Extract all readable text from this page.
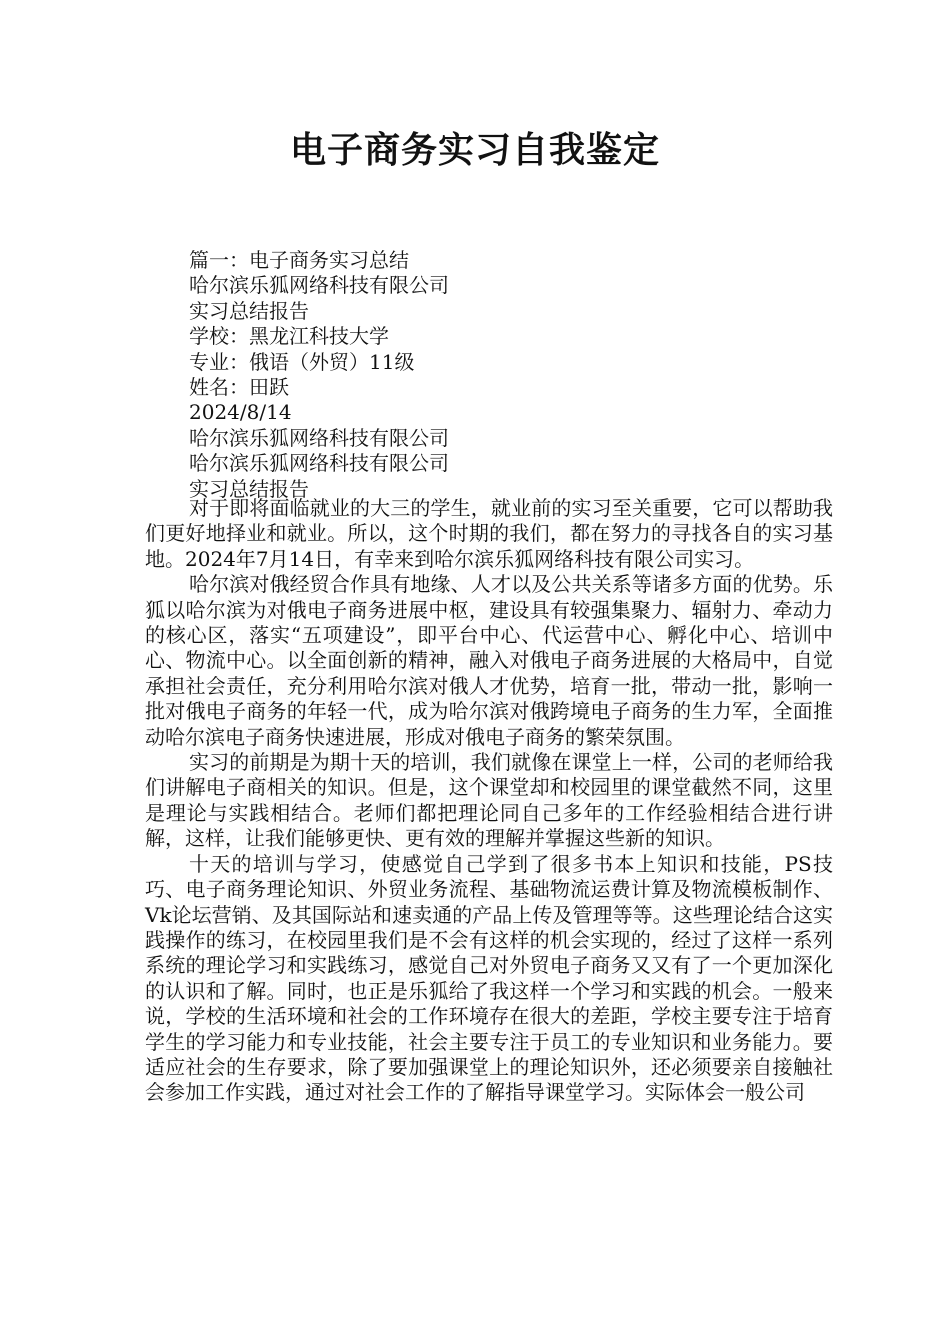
电子商务实习自我鉴定
篇一：电子商务实习总结
哈尔滨乐狐网络科技有限公司
实习总结报告
学校：黑龙江科技大学
专业：俄语（外贸）11级
姓名：田跃
2024/8/14
哈尔滨乐狐网络科技有限公司
哈尔滨乐狐网络科技有限公司
实习总结报告

对于即将面临就业的大三的学生，就业前的实习至关重要，它可以帮助我们更好地择业和就业。所以，这个时期的我们，都在努力的寻找各自的实习基地。2024年7月14日，有幸来到哈尔滨乐狐网络科技有限公司实习。

哈尔滨对俄经贸合作具有地缘、人才以及公共关系等诸多方面的优势。乐狐以哈尔滨为对俄电子商务进展中枢，建设具有较强集聚力、辐射力、牵动力的核心区，落实“五项建设”，即平台中心、代运营中心、孵化中心、培训中心、物流中心。以全面创新的精神，融入对俄电子商务进展的大格局中，自觉承担社会责任，充分利用哈尔滨对俄人才优势，培育一批，带动一批，影响一批对俄电子商务的年轻一代，成为哈尔滨对俄跨境电子商务的生力军，全面推动哈尔滨电子商务快速进展，形成对俄电子商务的繁荣氛围。

实习的前期是为期十天的培训，我们就像在课堂上一样，公司的老师给我们讲解电子商相关的知识。但是，这个课堂却和校园里的课堂截然不同，这里是理论与实践相结合。老师们都把理论同自己多年的工作经验相结合进行讲解，这样，让我们能够更快、更有效的理解并掌握这些新的知识。

十天的培训与学习，使感觉自己学到了很多书本上知识和技能，PS技巧、电子商务理论知识、外贸业务流程、基础物流运费计算及物流模板制作、Vk论坛营销、及其国际站和速卖通的产品上传及管理等等。这些理论结合这实践操作的练习，在校园里我们是不会有这样的机会实现的，经过了这样一系列系统的理论学习和实践练习，感觉自己对外贸电子商务又又有了一个更加深化的认识和了解。同时，也正是乐狐给了我这样一个学习和实践的机会。一般来说，学校的生活环境和社会的工作环境存在很大的差距，学校主要专注于培育学生的学习能力和专业技能，社会主要专注于员工的专业知识和业务能力。要适应社会的生存要求，除了要加强课堂上的理论知识外，还必须要亲自接触社会参加工作实践，通过对社会工作的了解指导课堂学习。实际体会一般公司
